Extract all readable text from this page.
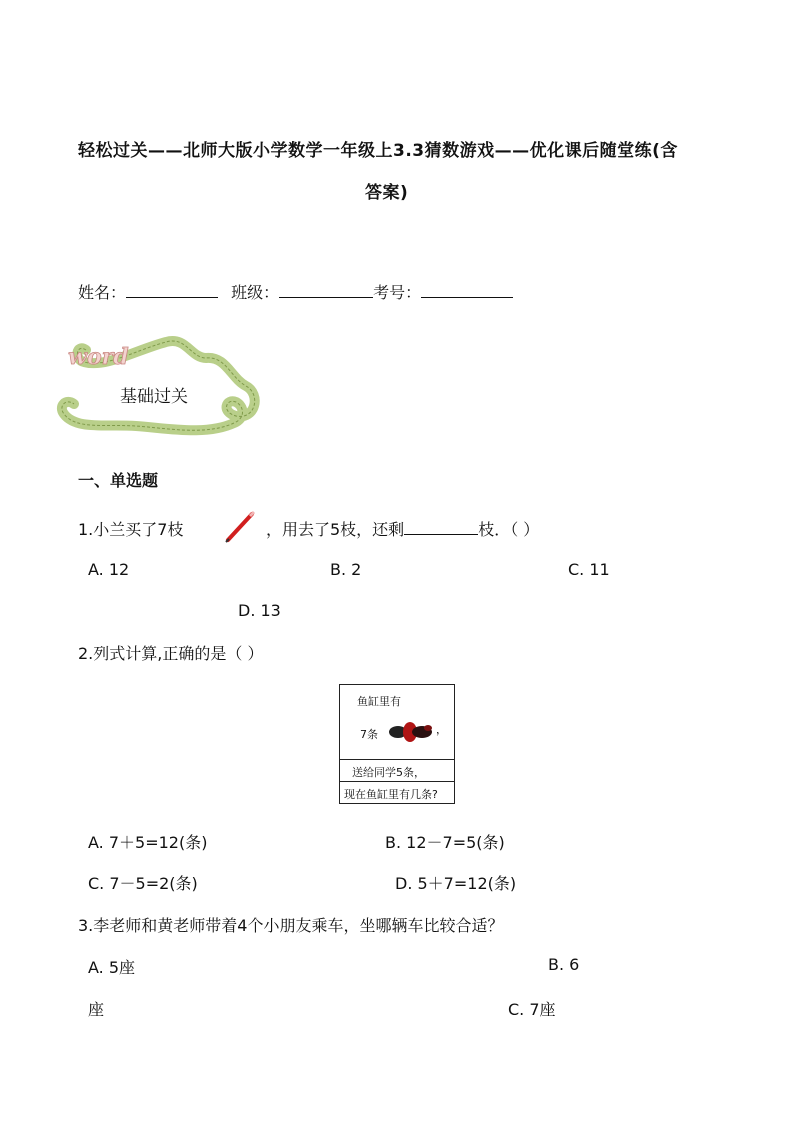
轻松过关——北师大版小学数学一年级上3.3猜数游戏——优化课后随堂练(含
答案)
姓名：	班级：	考号：
word
基础过关
一、单选题
1.小兰买了7枝	，用去了5枝，还剩	枝．（ ）
A. 12	B. 2	C. 11
D. 13
2.列式计算,正确的是（ ）
鱼缸里有
7条	，
送给同学5条，
现在鱼缸里有几条?
A. 7＋5=12(条)	B. 12－7=5(条)
C. 7－5=2(条)	D. 5＋7=12(条)
3.李老师和黄老师带着4个小朋友乘车，坐哪辆车比较合适？
A. 5座	B. 6
座	C. 7座
